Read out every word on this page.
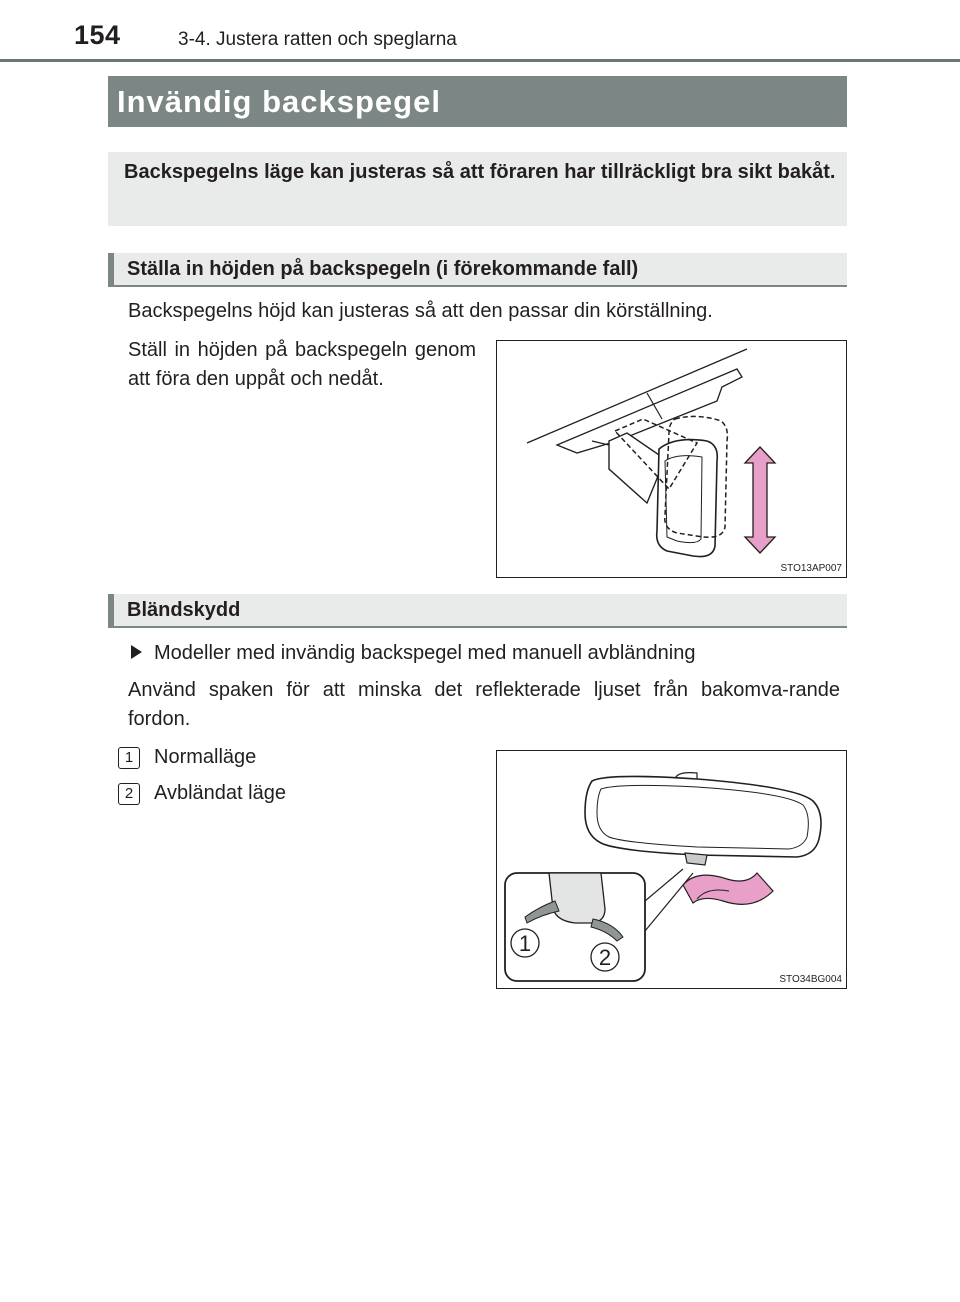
154	3-4. Justera ratten och speglarna
Invändig backspegel
Backspegelns läge kan justeras så att föraren har tillräckligt bra sikt bakåt.
Ställa in höjden på backspegeln (i förekommande fall)
Backspegelns höjd kan justeras så att den passar din körställning.
Ställ in höjden på backspegeln genom att föra den uppåt och nedåt.
STO13AP007
Bländskydd
Modeller med invändig backspegel med manuell avbländning
Använd spaken för att minska det reflekterade ljuset från bakomva-rande fordon.
1	Normalläge
2	Avbländat läge
1
2
STO34BG004
